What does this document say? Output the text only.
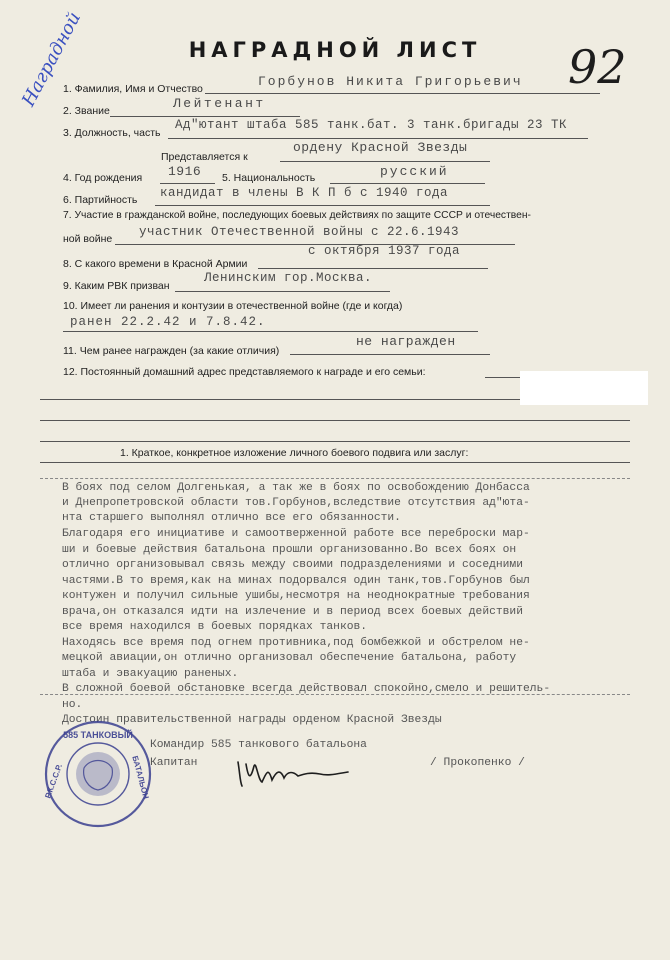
Наградной	НАГРАДНОЙ ЛИСТ	92
1. Фамилия, Имя и Отчество	Горбунов Никита Григорьевич
2. Звание	Лейтенант
3. Должность, часть
Ад"ютант штаба 585 танк.бат. 3 танк.бригады 23 ТК
Представляется к
ордену Красной Звезды
4. Год рождения 1916 5. Национальность	русский
6. Партийность кандидат в члены В К П б с 1940 года
7. Участие в гражданской войне, последующих боевых действиях по защите СССР и отечествен-
ной войне участник Отечественной войны с 22.6.1943
с октября 1937 года
8. С какого времени в Красной Армии
9. Каким РВК призван
Ленинским гор.Москва.
10. Имеет ли ранения и контузии в отечественной войне (где и когда)
ранен 22.2.42 и 7.8.42.
11. Чем ранее награжден (за какие отличия)
не награжден
12. Постоянный домашний адрес представляемого к награде и его семьи:
1. Краткое, конкретное изложение личного боевого подвига или заслуг:
В боях под селом Долгенькая, а так же в боях по освобождению Донбасса
и Днепропетровской области тов.Горбунов,вследствие отсутствия ад"юта-
нта старшего выполнял отлично все его обязанности.
Благодаря его инициативе и самоотверженной работе все переброски мар-
ши и боевые действия батальона прошли организованно.Во всех боях он
отлично организовывал связь между своими подразделениями и соседними
частями.В то время,как на минах подорвался один танк,тов.Горбунов был
контужен и получил сильные ушибы,несмотря на неоднократные требования
врача,он отказался идти на излечение и в период всех боевых действий
все время находился в боевых порядках танков.
Находясь все время под огнем противника,под бомбежкой и обстрелом не-
мецкой авиации,он отлично организовал обеспечение батальона, работу
штаба и эвакуацию раненых.
В сложной боевой обстановке всегда действовал спокойно,смело и решитель-
но.
Достоин правительственной награды орденом Красной Звезды
Командир 585 танкового батальона
Капитан	/ Прокопенко /
585 ТАНКОВЫЙ
Р.К.С.С.Р.	БАТАЛЬОН
